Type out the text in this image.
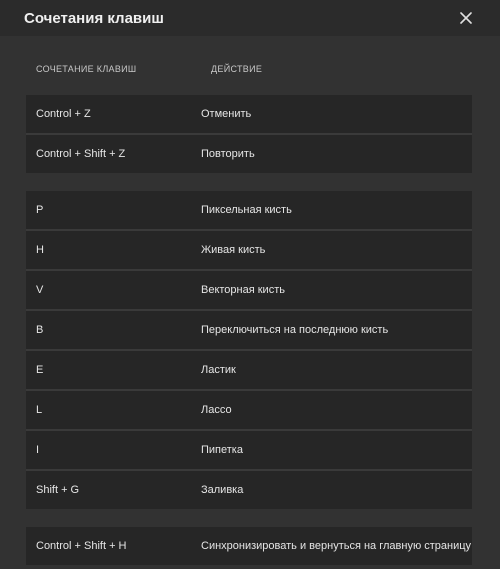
Сочетания клавиш
СОЧЕТАНИЕ КЛАВИШ	ДЕЙСТВИЕ
Control + Z	Отменить
Control + Shift + Z	Повторить
P	Пиксельная кисть
H	Живая кисть
V	Векторная кисть
B	Переключиться на последнюю кисть
E	Ластик
L	Лассо
I	Пипетка
Shift + G	Заливка
Control + Shift + H	Синхронизировать и вернуться на главную страницу
